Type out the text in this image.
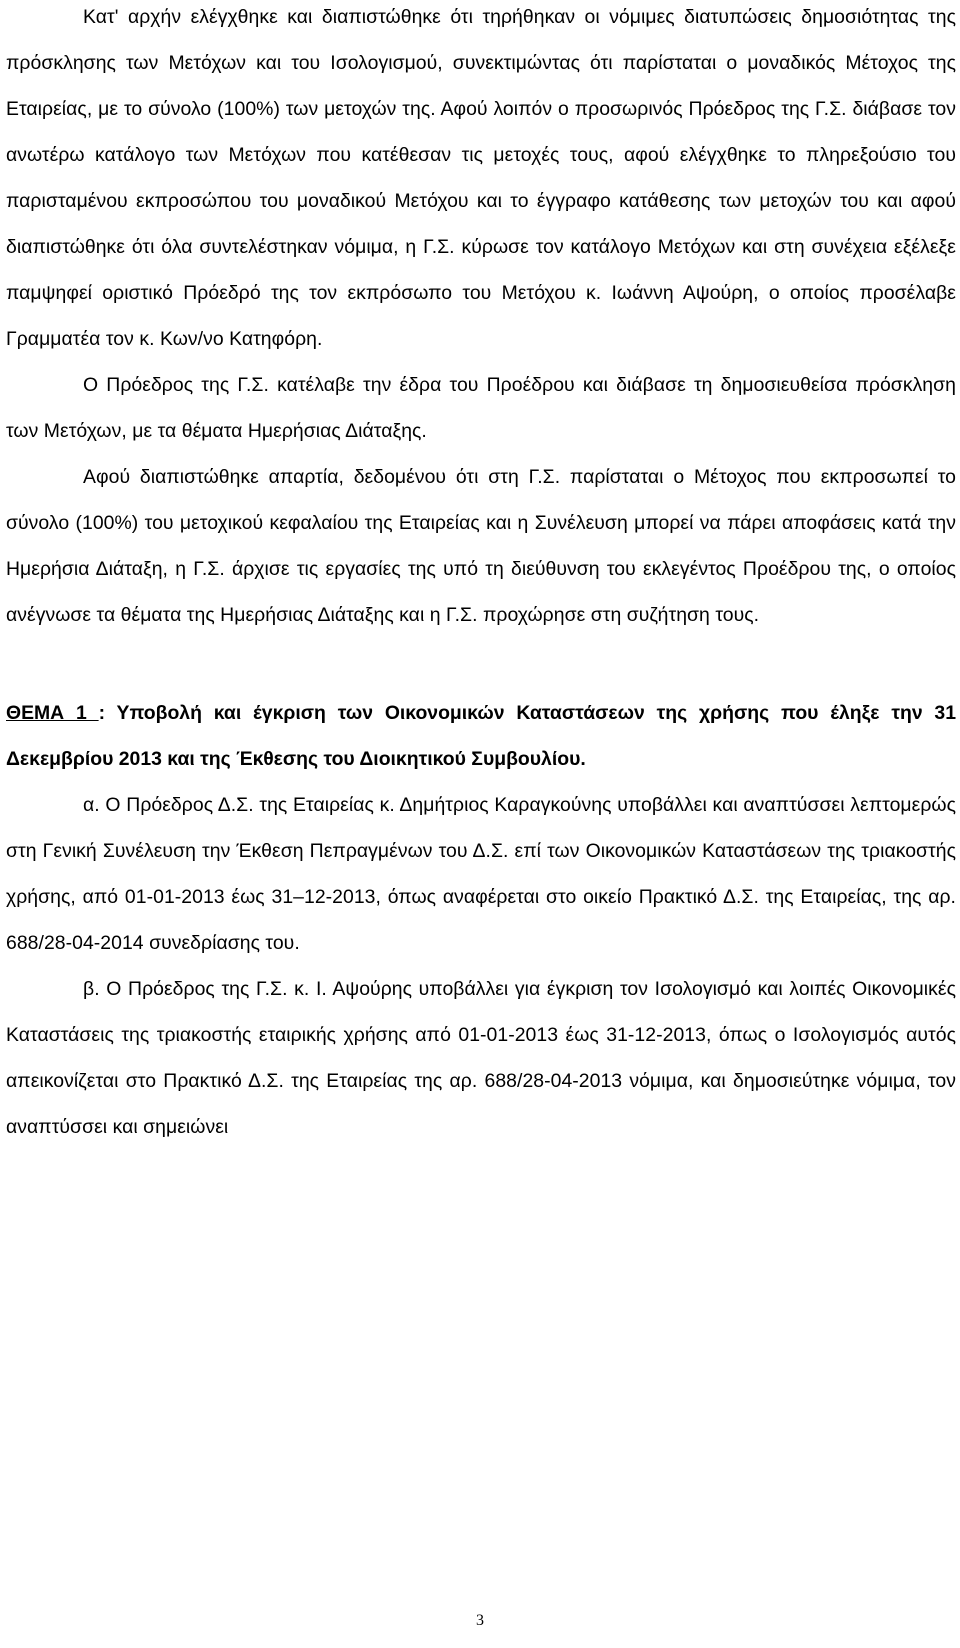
Κατ' αρχήν ελέγχθηκε και διαπιστώθηκε ότι τηρήθηκαν οι νόμιμες διατυπώσεις δημοσιότητας της πρόσκλησης των Μετόχων και του Ισολογισμού, συνεκτιμώντας ότι παρίσταται ο μοναδικός Μέτοχος της Εταιρείας, με το σύνολο (100%) των μετοχών της. Αφού λοιπόν ο προσωρινός Πρόεδρος της Γ.Σ. διάβασε τον ανωτέρω κατάλογο των Μετόχων που κατέθεσαν τις μετοχές τους, αφού ελέγχθηκε το πληρεξούσιο του παρισταμένου εκπροσώπου του μοναδικού Μετόχου και το έγγραφο κατάθεσης των μετοχών του και αφού διαπιστώθηκε ότι όλα συντελέστηκαν νόμιμα, η Γ.Σ. κύρωσε τον κατάλογο Μετόχων και στη συνέχεια εξέλεξε παμψηφεί οριστικό Πρόεδρό της τον εκπρόσωπο του Μετόχου κ. Ιωάννη Αψούρη, ο οποίος προσέλαβε Γραμματέα τον κ. Κων/νο Κατηφόρη.

Ο Πρόεδρος της Γ.Σ. κατέλαβε την έδρα του Προέδρου και διάβασε τη δημοσιευθείσα πρόσκληση των Μετόχων, με τα θέματα Ημερήσιας Διάταξης.

Αφού διαπιστώθηκε απαρτία, δεδομένου ότι στη Γ.Σ. παρίσταται ο Μέτοχος που εκπροσωπεί το σύνολο (100%) του μετοχικού κεφαλαίου της Εταιρείας και η Συνέλευση μπορεί να πάρει αποφάσεις κατά την Ημερήσια Διάταξη, η Γ.Σ. άρχισε τις εργασίες της υπό τη διεύθυνση του εκλεγέντος Προέδρου της, ο οποίος ανέγνωσε τα θέματα της Ημερήσιας Διάταξης και η Γ.Σ. προχώρησε στη συζήτηση τους.

ΘΕΜΑ 1 : Υποβολή και έγκριση των Οικονομικών Καταστάσεων της χρήσης που έληξε την 31 Δεκεμβρίου 2013 και της Έκθεσης του Διοικητικού Συμβουλίου.

α. Ο Πρόεδρος Δ.Σ. της Εταιρείας κ. Δημήτριος Καραγκούνης υποβάλλει και αναπτύσσει λεπτομερώς στη Γενική Συνέλευση την Έκθεση Πεπραγμένων του Δ.Σ. επί των Οικονομικών Καταστάσεων της τριακοστής χρήσης, από 01-01-2013 έως 31–12-2013, όπως αναφέρεται στο οικείο Πρακτικό Δ.Σ. της Εταιρείας, της αρ. 688/28-04-2014 συνεδρίασης του.

β. Ο Πρόεδρος της Γ.Σ. κ. Ι. Αψούρης υποβάλλει για έγκριση τον Ισολογισμό και λοιπές Οικονομικές Καταστάσεις της τριακοστής εταιρικής χρήσης από 01-01-2013 έως 31-12-2013, όπως ο Ισολογισμός αυτός απεικονίζεται στο Πρακτικό Δ.Σ. της Εταιρείας της αρ. 688/28-04-2013 νόμιμα, και δημοσιεύτηκε νόμιμα, τον αναπτύσσει και σημειώνει

3
